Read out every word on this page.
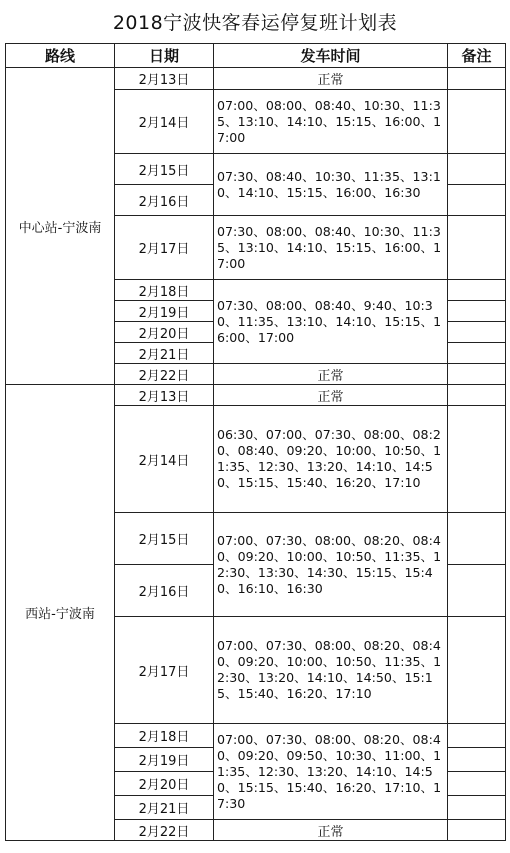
2018宁波快客春运停复班计划表
路线	日期	发车时间	备注
中心站-宁波南	2月13日	正常	
	2月14日	07:00、08:00、08:40、10:30、11:35、13:10、14:10、15:15、16:00、17:00	
	2月15日	07:30、08:40、10:30、11:35、13:10、14:10、15:15、16:00、16:30	
	2月16日		
	2月17日	07:30、08:00、08:40、10:30、11:35、13:10、14:10、15:15、16:00、17:00	
	2月18日	07:30、08:00、08:40、9:40、10:30、11:35、13:10、14:10、15:15、16:00、17:00	
	2月19日		
	2月20日		
	2月21日		
	2月22日	正常	
西站-宁波南	2月13日	正常	
	2月14日	06:30、07:00、07:30、08:00、08:20、08:40、09:20、10:00、10:50、11:35、12:30、13:20、14:10、14:50、15:15、15:40、16:20、17:10	
	2月15日	07:00、07:30、08:00、08:20、08:40、09:20、10:00、10:50、11:35、12:30、13:30、14:30、15:15、15:40、16:10、16:30	
	2月16日		
	2月17日	07:00、07:30、08:00、08:20、08:40、09:20、10:00、10:50、11:35、12:30、13:20、14:10、14:50、15:15、15:40、16:20、17:10	
	2月18日	07:00、07:30、08:00、08:20、08:40、09:20、09:50、10:30、11:00、11:35、12:30、13:20、14:10、14:50、15:15、15:40、16:20、17:10、17:30	
	2月19日		
	2月20日		
	2月21日		
	2月22日	正常	
